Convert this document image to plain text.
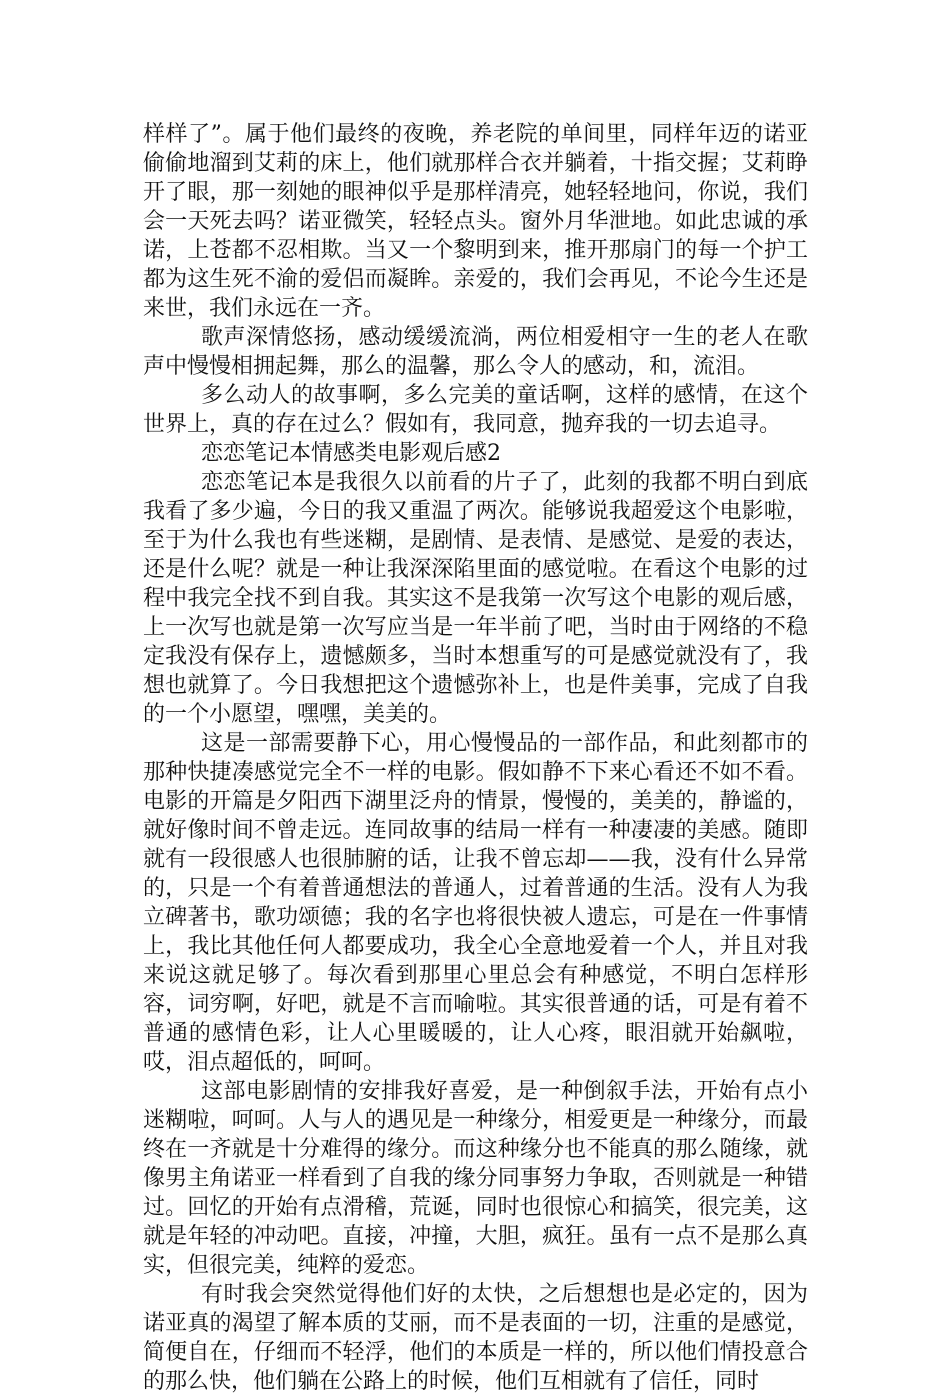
样样了”。属于他们最终的夜晚，养老院的单间里，同样年迈的诺亚偷偷地溜到艾莉的床上，他们就那样合衣并躺着，十指交握；艾莉睁开了眼，那一刻她的眼神似乎是那样清亮，她轻轻地问，你说，我们会一天死去吗？诺亚微笑，轻轻点头。窗外月华泄地。如此忠诚的承诺，上苍都不忍相欺。当又一个黎明到来，推开那扇门的每一个护工都为这生死不渝的爱侣而凝眸。亲爱的，我们会再见，不论今生还是来世，我们永远在一齐。

歌声深情悠扬，感动缓缓流淌，两位相爱相守一生的老人在歌声中慢慢相拥起舞，那么的温馨，那么令人的感动，和，流泪。

多么动人的故事啊，多么完美的童话啊，这样的感情，在这个世界上，真的存在过么？假如有，我同意，抛弃我的一切去追寻。

恋恋笔记本情感类电影观后感2

恋恋笔记本是我很久以前看的片子了，此刻的我都不明白到底我看了多少遍，今日的我又重温了两次。能够说我超爱这个电影啦，至于为什么我也有些迷糊，是剧情、是表情、是感觉、是爱的表达，还是什么呢？就是一种让我深深陷里面的感觉啦。在看这个电影的过程中我完全找不到自我。其实这不是我第一次写这个电影的观后感，上一次写也就是第一次写应当是一年半前了吧，当时由于网络的不稳定我没有保存上，遗憾颇多，当时本想重写的可是感觉就没有了，我想也就算了。今日我想把这个遗憾弥补上，也是件美事，完成了自我的一个小愿望，嘿嘿，美美的。

这是一部需要静下心，用心慢慢品的一部作品，和此刻都市的那种快捷凑感觉完全不一样的电影。假如静不下来心看还不如不看。电影的开篇是夕阳西下湖里泛舟的情景，慢慢的，美美的，静谧的，就好像时间不曾走远。连同故事的结局一样有一种凄凄的美感。随即就有一段很感人也很肺腑的话，让我不曾忘却——我，没有什么异常的，只是一个有着普通想法的普通人，过着普通的生活。没有人为我立碑著书，歌功颂德；我的名字也将很快被人遗忘，可是在一件事情上，我比其他任何人都要成功，我全心全意地爱着一个人，并且对我来说这就足够了。每次看到那里心里总会有种感觉，不明白怎样形容，词穷啊，好吧，就是不言而喻啦。其实很普通的话，可是有着不普通的感情色彩，让人心里暖暖的，让人心疼，眼泪就开始飙啦，哎，泪点超低的，呵呵。

这部电影剧情的安排我好喜爱，是一种倒叙手法，开始有点小迷糊啦，呵呵。人与人的遇见是一种缘分，相爱更是一种缘分，而最终在一齐就是十分难得的缘分。而这种缘分也不能真的那么随缘，就像男主角诺亚一样看到了自我的缘分同事努力争取，否则就是一种错过。回忆的开始有点滑稽，荒诞，同时也很惊心和搞笑，很完美，这就是年轻的冲动吧。直接，冲撞，大胆，疯狂。虽有一点不是那么真实，但很完美，纯粹的爱恋。

有时我会突然觉得他们好的太快，之后想想也是必定的，因为诺亚真的渴望了解本质的艾丽，而不是表面的一切，注重的是感觉，简便自在，仔细而不轻浮，他们的本质是一样的，所以他们情投意合的那么快，他们躺在公路上的时候，他们互相就有了信任，同时
